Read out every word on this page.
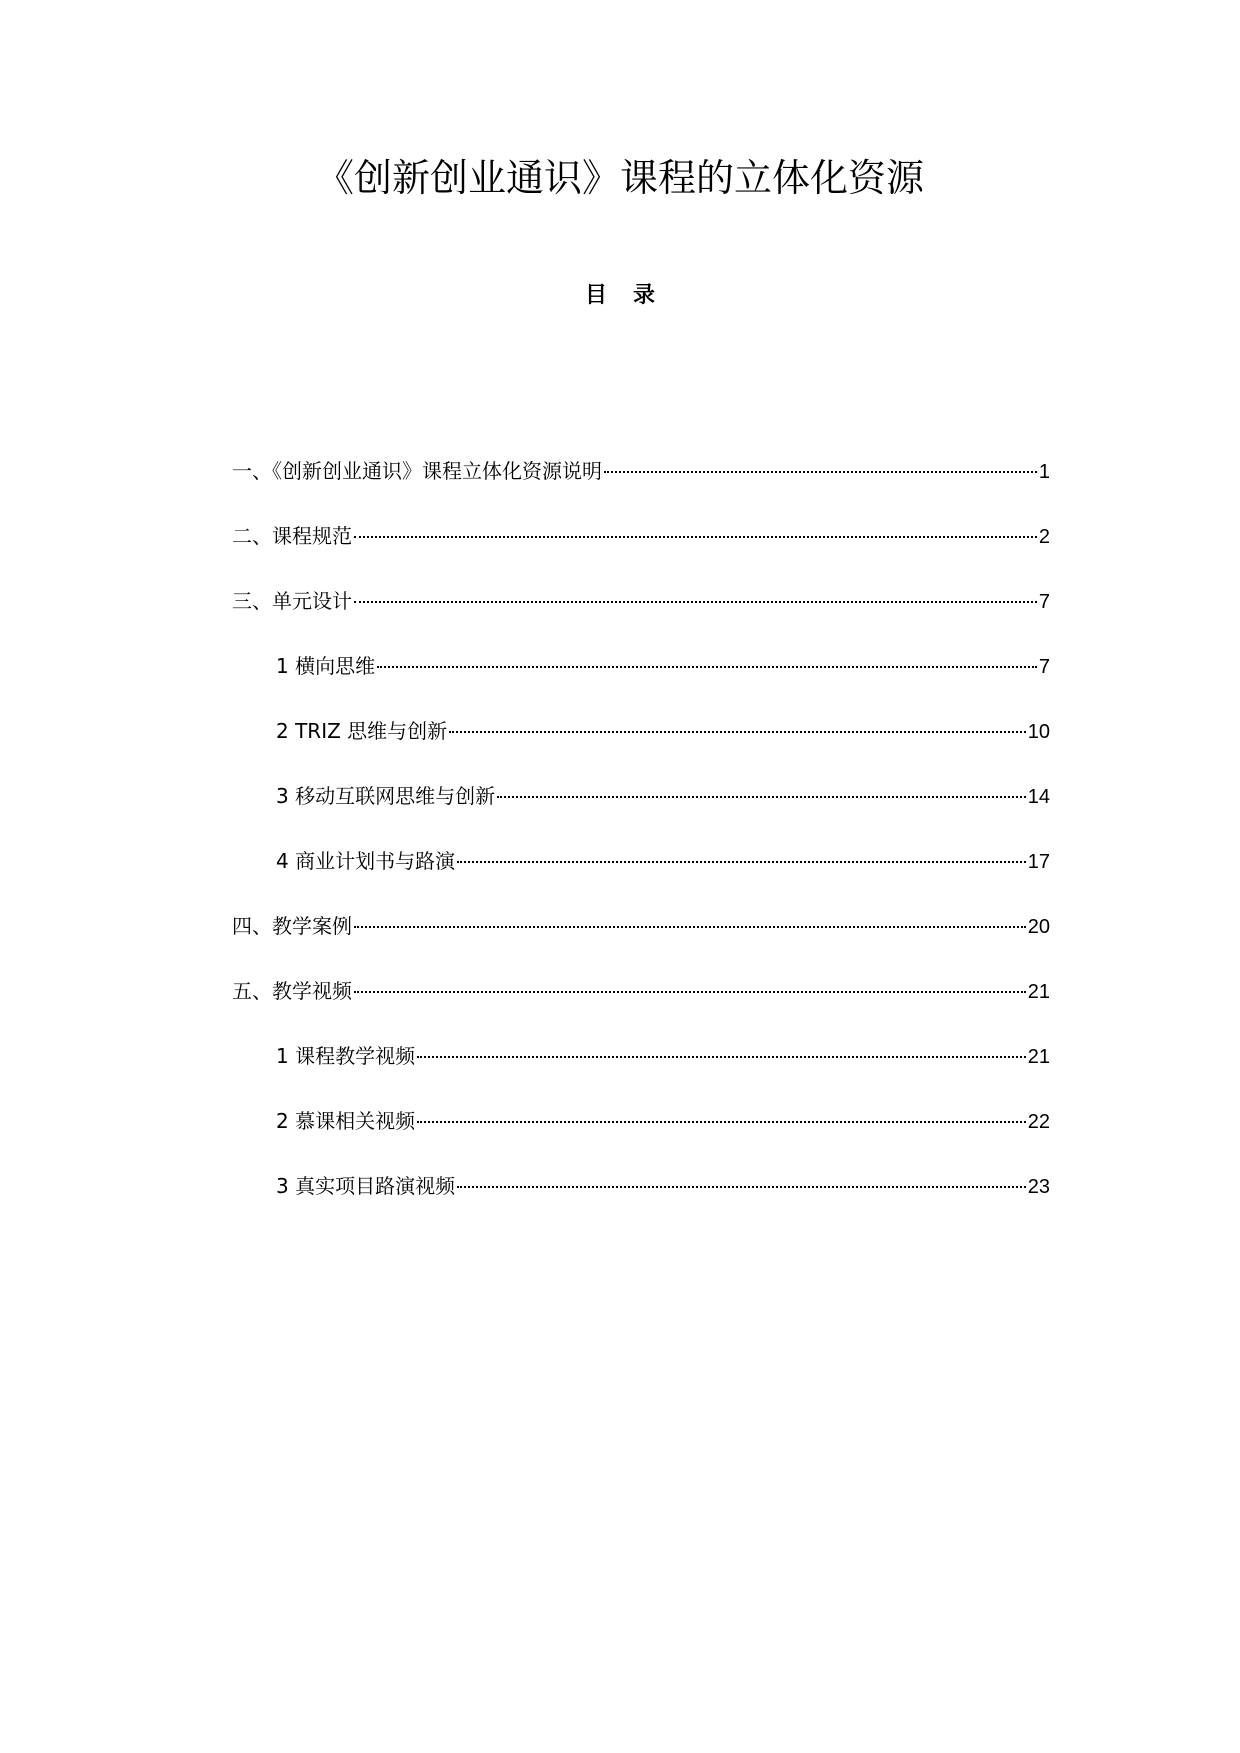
《创新创业通识》课程的立体化资源
目录
一、《创新创业通识》课程立体化资源说明	1
二、课程规范	2
三、单元设计	7
1 横向思维	7
2 TRIZ 思维与创新	10
3 移动互联网思维与创新	14
4 商业计划书与路演	17
四、教学案例	20
五、教学视频	21
1 课程教学视频	21
2 慕课相关视频	22
3 真实项目路演视频	23
